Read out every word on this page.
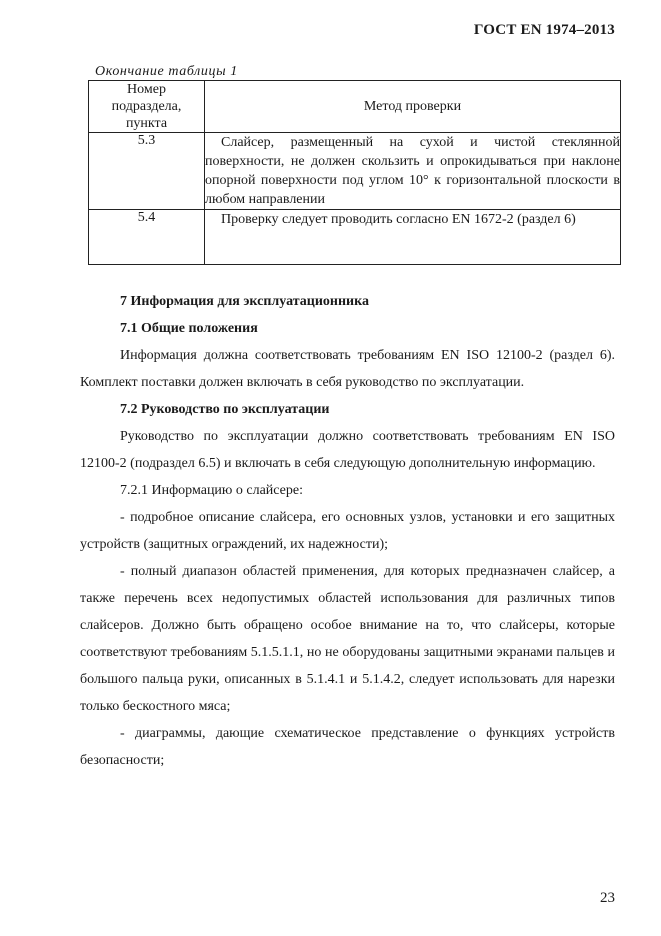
ГОСТ EN 1974–2013
Окончание таблицы 1
Номер
подраздела,
пункта	Метод проверки
5.3	Слайсер, размещенный на сухой и чистой стеклянной поверхности, не должен скользить и опрокидываться при наклоне опорной поверхности под углом 10° к горизонтальной плоскости в любом направлении
5.4	Проверку следует проводить согласно EN 1672-2 (раздел 6)
7 Информация для эксплуатационника
7.1 Общие положения

Информация должна соответствовать требованиям EN ISO 12100-2 (раздел 6). Комплект поставки должен включать в себя руководство по эксплуатации.

7.2 Руководство по эксплуатации

Руководство по эксплуатации должно соответствовать требованиям EN ISO 12100-2 (подраздел 6.5) и включать в себя следующую дополнительную информацию.

7.2.1 Информацию о слайсере:

- подробное описание слайсера, его основных узлов, установки и его защитных устройств (защитных ограждений, их надежности);

- полный диапазон областей применения, для которых предназначен слайсер, а также перечень всех недопустимых областей использования для различных типов слайсеров. Должно быть обращено особое внимание на то, что слайсеры, которые соответствуют требованиям 5.1.5.1.1, но не оборудованы защитными экранами пальцев и большого пальца руки, описанных в 5.1.4.1 и 5.1.4.2, следует использовать для нарезки только бескостного мяса;

- диаграммы, дающие схематическое представление о функциях устройств безопасности;

23
